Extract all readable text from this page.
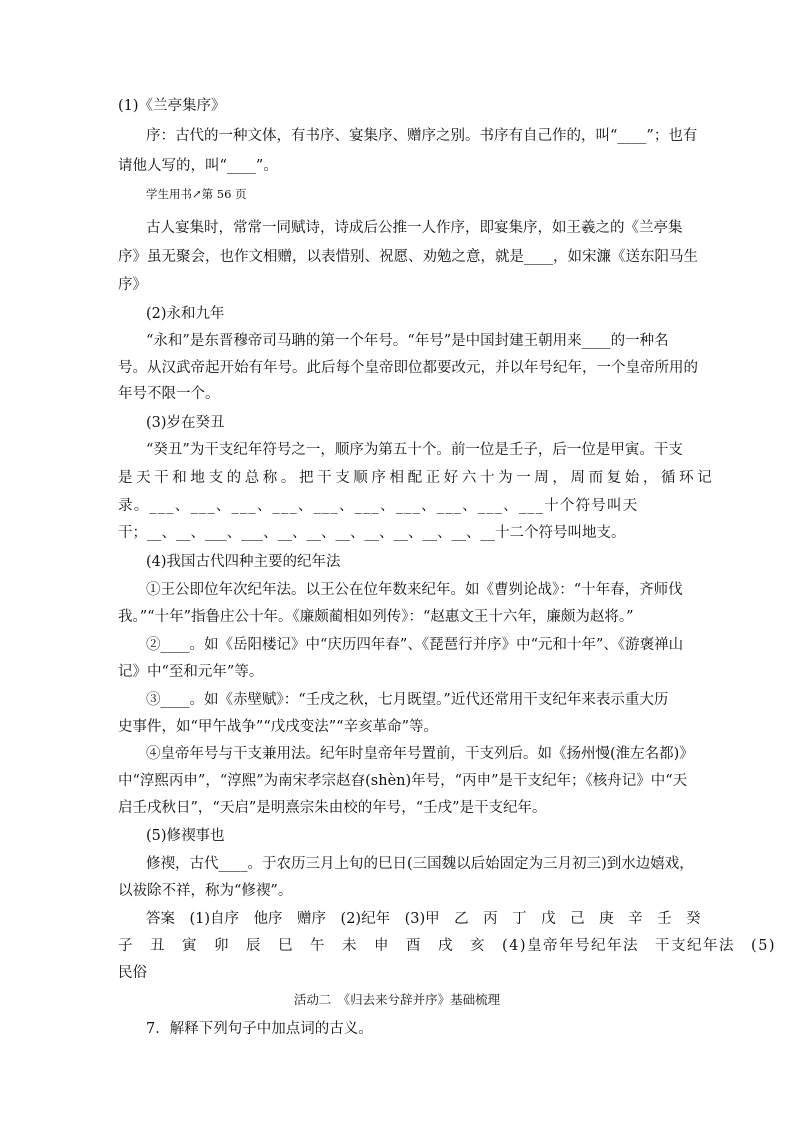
(1)《兰亭集序》
序：古代的一种文体，有书序、宴集序、赠序之别。书序有自己作的，叫“____”；也有
请他人写的，叫“____”。
学生用书↗第 56 页
古人宴集时，常常一同赋诗，诗成后公推一人作序，即宴集序，如王羲之的《兰亭集
序》虽无聚会，也作文相赠，以表惜别、祝愿、劝勉之意，就是____，如宋濂《送东阳马生
序》
(2)永和九年
“永和”是东晋穆帝司马聃的第一个年号。“年号”是中国封建王朝用来____的一种名
号。从汉武帝起开始有年号。此后每个皇帝即位都要改元，并以年号纪年，一个皇帝所用的
年号不限一个。
(3)岁在癸丑
“癸丑”为干支纪年符号之一，顺序为第五十个。前一位是壬子，后一位是甲寅。干支
是天干和地支的总称。把干支顺序相配正好六十为一周，周而复始，循环记
录。___、___、___、___、___、___、___、___、___、___十个符号叫天
干；__、__、___、___、__、__、__、__、__、__、__、__十二个符号叫地支。
(4)我国古代四种主要的纪年法
①王公即位年次纪年法。以王公在位年数来纪年。如《曹刿论战》：“十年春，齐师伐
我。”“十年”指鲁庄公十年。《廉颇蔺相如列传》：“赵惠文王十六年，廉颇为赵将。”
②____。如《岳阳楼记》中“庆历四年春”、《琵琶行并序》中“元和十年”、《游褒禅山
记》中“至和元年”等。
③____。如《赤壁赋》：“壬戌之秋，七月既望。”近代还常用干支纪年来表示重大历
史事件，如“甲午战争”“戊戌变法”“辛亥革命”等。
④皇帝年号与干支兼用法。纪年时皇帝年号置前，干支列后。如《扬州慢(淮左名都)》
中“淳熙丙申”，“淳熙”为南宋孝宗赵昚(shèn)年号，“丙申”是干支纪年；《核舟记》中“天
启壬戌秋日”，“天启”是明熹宗朱由校的年号，“壬戌”是干支纪年。
(5)修禊事也
修禊，古代____。于农历三月上旬的巳日(三国魏以后始固定为三月初三)到水边嬉戏，
以祓除不祥，称为“修禊”。
答案　(1)自序　他序　赠序　(2)纪年　(3)甲　乙　丙　丁　戊　己　庚　辛　壬　癸
子　丑　寅　卯　辰　巳　午　未　申　酉　戌　亥　(4)皇帝年号纪年法　干支纪年法　(5)
民俗
活动二　《归去来兮辞并序》基础梳理
7．解释下列句子中加点词的古义。
